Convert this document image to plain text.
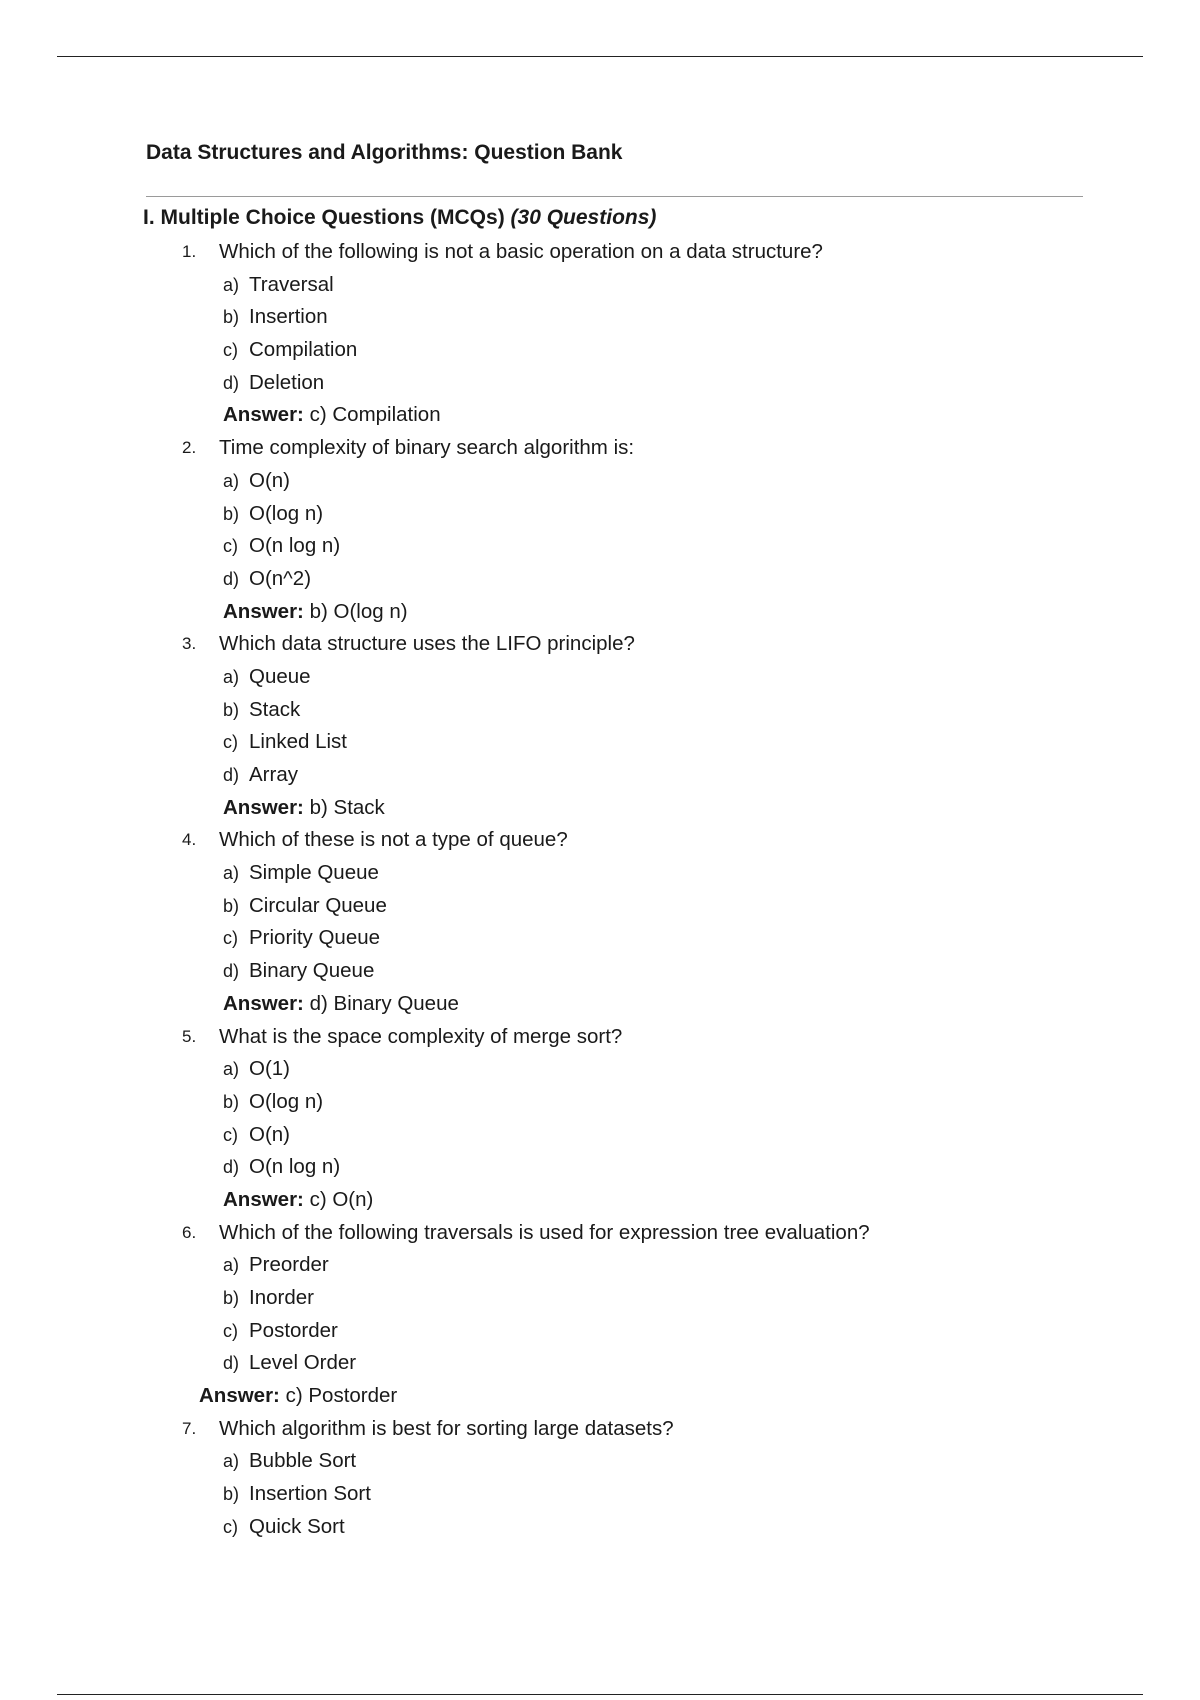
Data Structures and Algorithms: Question Bank
I. Multiple Choice Questions (MCQs) (30 Questions)
1. Which of the following is not a basic operation on a data structure?
a) Traversal
b) Insertion
c) Compilation
d) Deletion
Answer: c) Compilation
2. Time complexity of binary search algorithm is:
a) O(n)
b) O(log n)
c) O(n log n)
d) O(n^2)
Answer: b) O(log n)
3. Which data structure uses the LIFO principle?
a) Queue
b) Stack
c) Linked List
d) Array
Answer: b) Stack
4. Which of these is not a type of queue?
a) Simple Queue
b) Circular Queue
c) Priority Queue
d) Binary Queue
Answer: d) Binary Queue
5. What is the space complexity of merge sort?
a) O(1)
b) O(log n)
c) O(n)
d) O(n log n)
Answer: c) O(n)
6. Which of the following traversals is used for expression tree evaluation?
a) Preorder
b) Inorder
c) Postorder
d) Level Order
Answer: c) Postorder
7. Which algorithm is best for sorting large datasets?
a) Bubble Sort
b) Insertion Sort
c) Quick Sort
